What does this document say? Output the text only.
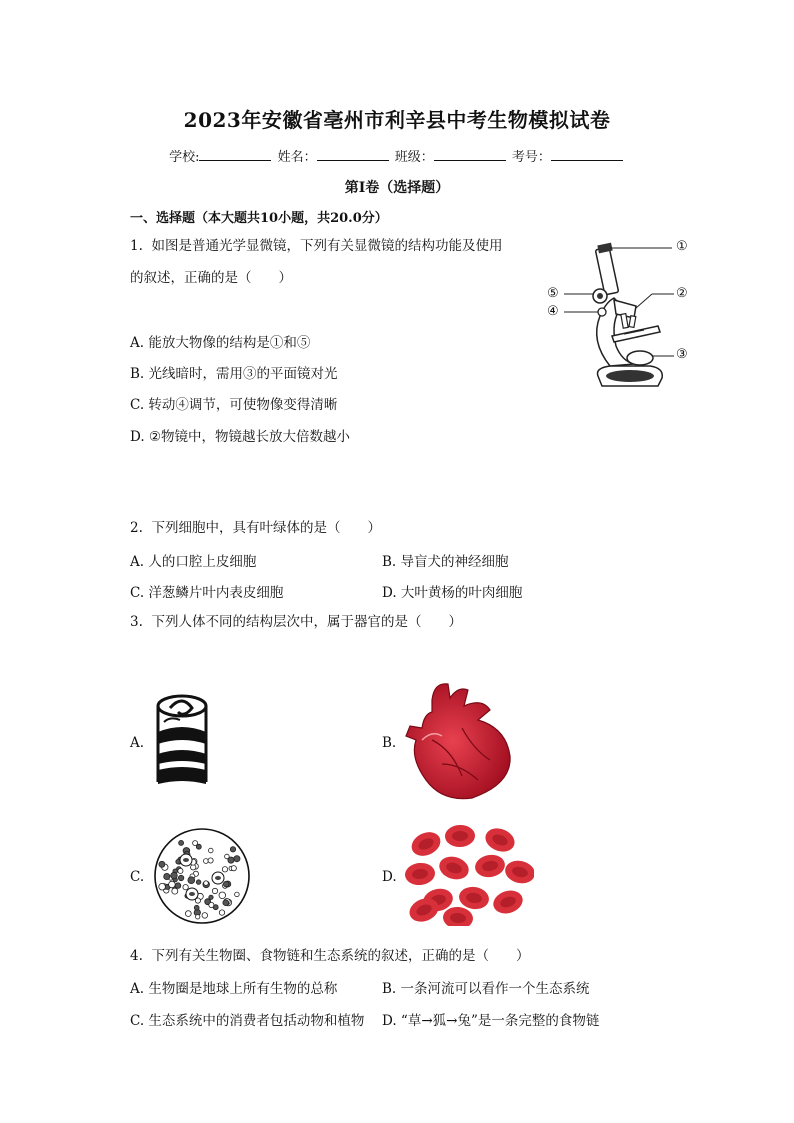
2023年安徽省亳州市利辛县中考生物模拟试卷
学校:	姓名：	班级：	考号：
第I卷（选择题）
一、选择题（本大题共10小题，共20.0分）
1. 如图是普通光学显微镜，下列有关显微镜的结构功能及使用
的叙述，正确的是（　　）
A. 能放大物像的结构是①和⑤
B. 光线暗时，需用③的平面镜对光
C. 转动④调节，可使物像变得清晰
D. ②物镜中，物镜越长放大倍数越小
①
②
③
④
⑤
2. 下列细胞中，具有叶绿体的是（　　）
A. 人的口腔上皮细胞	B. 导盲犬的神经细胞
C. 洋葱鳞片叶内表皮细胞	D. 大叶黄杨的叶肉细胞
3. 下列人体不同的结构层次中，属于器官的是（　　）
A.	B.
C.	D.
4. 下列有关生物圈、食物链和生态系统的叙述，正确的是（　　）
A. 生物圈是地球上所有生物的总称	B. 一条河流可以看作一个生态系统
C. 生态系统中的消费者包括动物和植物 D. “草→狐→兔”是一条完整的食物链
